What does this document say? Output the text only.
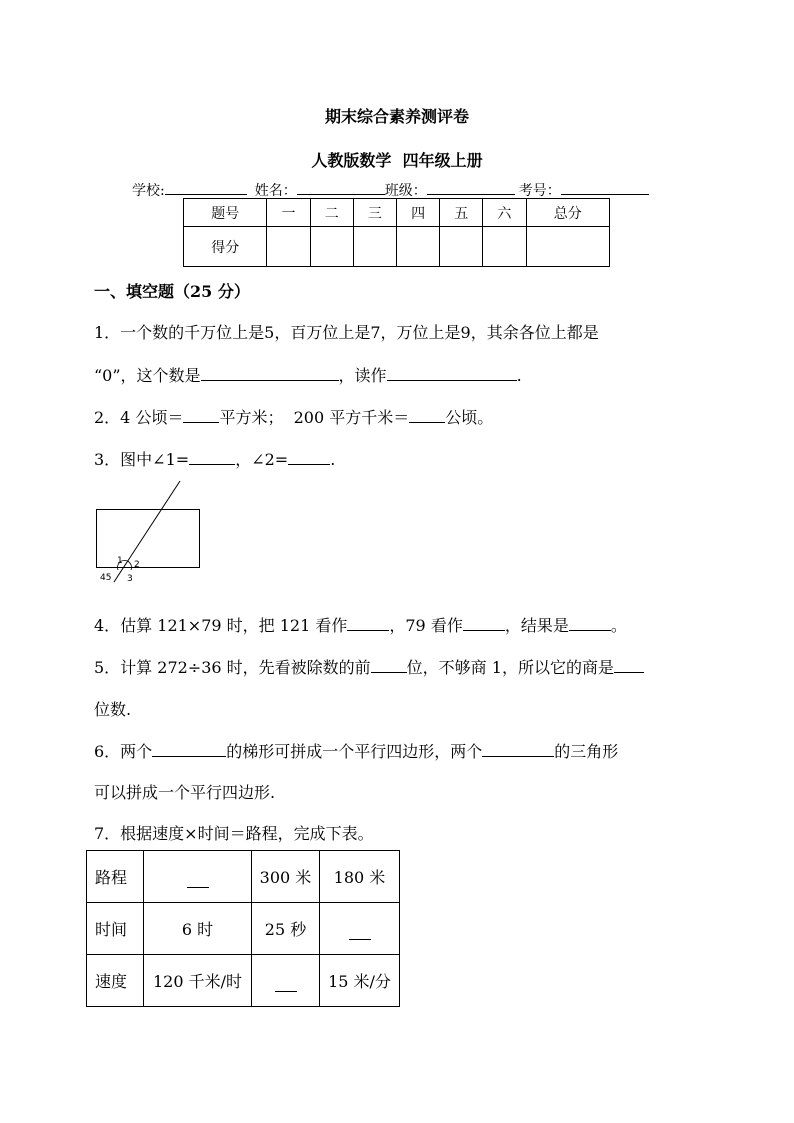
期末综合素养测评卷
人教版数学  四年级上册
学校:	姓名：	班级：	考号：
题号	一	二	三	四	五	六	总分
得分							
一、填空题（25 分）
1．一个数的千万位上是5，百万位上是7，万位上是9，其余各位上都是
“0”，这个数是	，读作	.
2．4 公顷＝ 平方米；  200 平方千米＝ 公顷。
3．图中∠1=	，∠2=	.
1 2
3
45
4．估算 121×79 时，把 121 看作	，79 看作	，结果是	。
5．计算 272÷36 时，先看被除数的前 位，不够商 1，所以它的商是
位数.
6．两个	的梯形可拼成一个平行四边形，两个	的三角形
可以拼成一个平行四边形.
7．根据速度×时间＝路程，完成下表。
路程		300 米	180 米
时间	6 时	25 秒	
速度	120 千米/时		15 米/分
